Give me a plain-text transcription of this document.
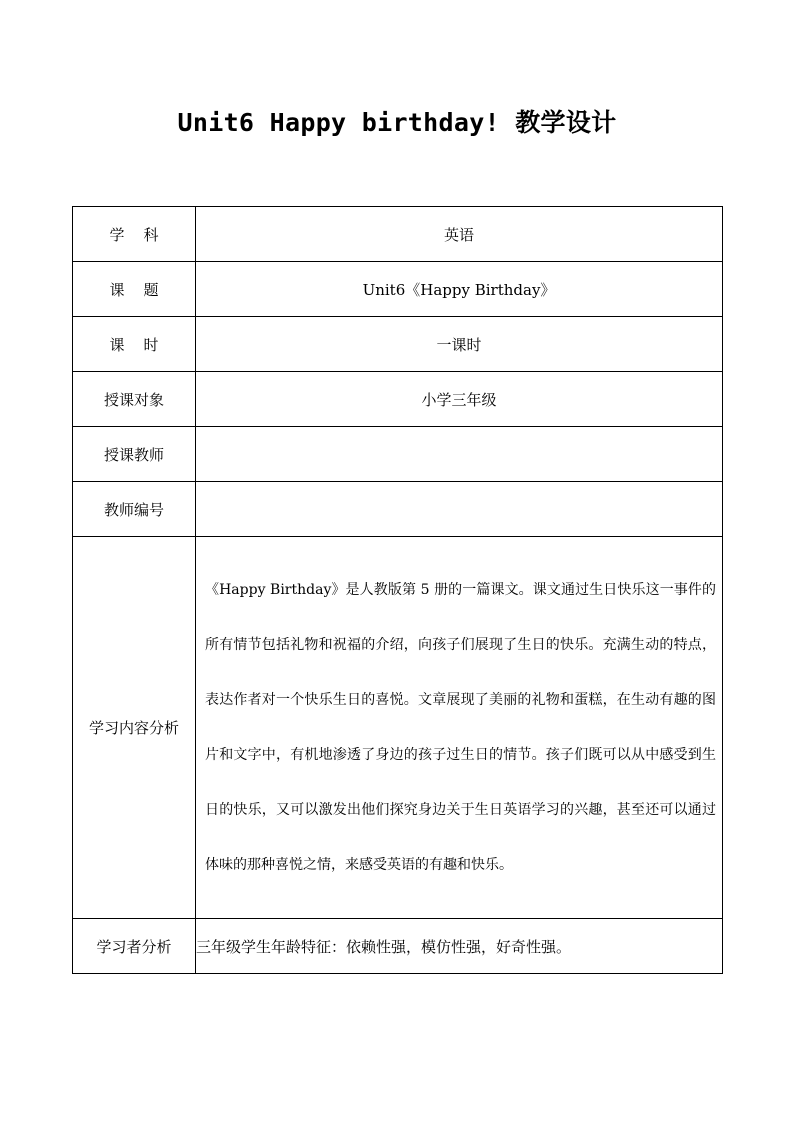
Unit6 Happy birthday! 教学设计
学    科	英语
课    题	Unit6《Happy Birthday》
课    时	一课时
授课对象	小学三年级
授课教师	
教师编号	
学习内容分析	《Happy Birthday》是人教版第 5 册的一篇课文。课文通过生日快乐这一事件的所有情节包括礼物和祝福的介绍，向孩子们展现了生日的快乐。充满生动的特点，表达作者对一个快乐生日的喜悦。文章展现了美丽的礼物和蛋糕，在生动有趣的图片和文字中，有机地渗透了身边的孩子过生日的情节。孩子们既可以从中感受到生日的快乐，又可以激发出他们探究身边关于生日英语学习的兴趣，甚至还可以通过体味的那种喜悦之情，来感受英语的有趣和快乐。

学习者分析	三年级学生年龄特征：依赖性强，模仿性强，好奇性强。
